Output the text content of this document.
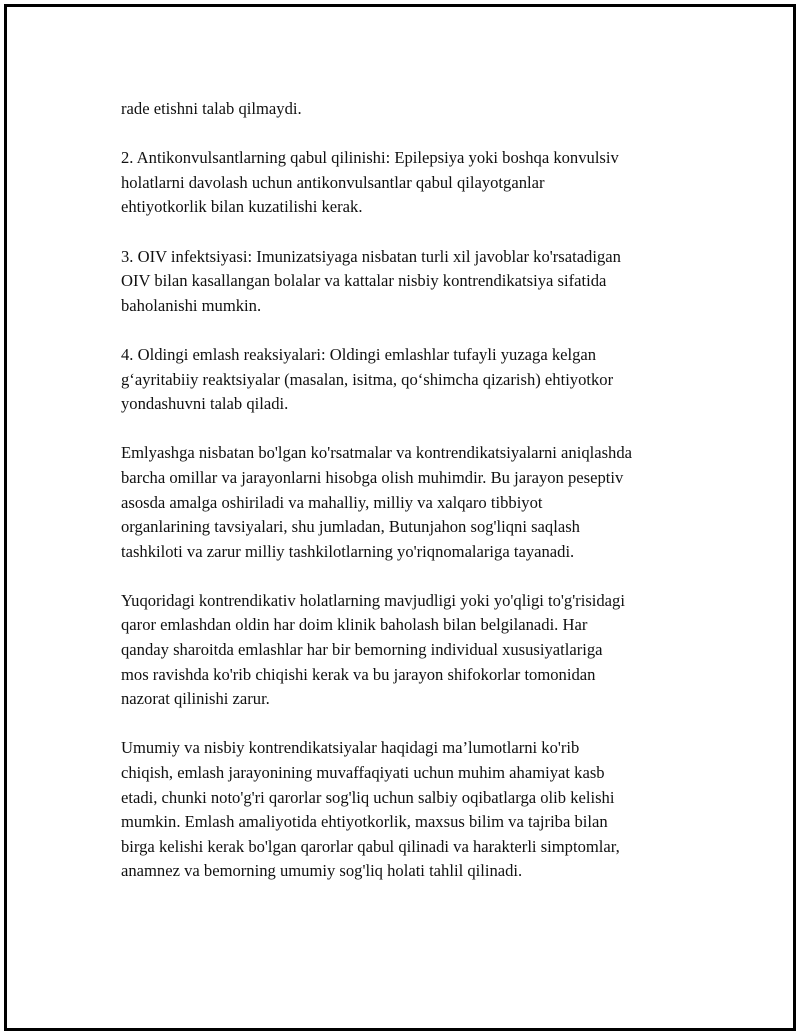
rade etishni talab qilmaydi.

2. Antikonvulsantlarning qabul qilinishi: Epilepsiya yoki boshqa konvulsiv
holatlarni davolash uchun antikonvulsantlar qabul qilayotganlar
ehtiyotkorlik bilan kuzatilishi kerak.

3. OIV infektsiyasi: Imunizatsiyaga nisbatan turli xil javoblar ko'rsatadigan
OIV bilan kasallangan bolalar va kattalar nisbiy kontrendikatsiya sifatida
baholanishi mumkin.

4. Oldingi emlash reaksiyalari: Oldingi emlashlar tufayli yuzaga kelgan
g‘ayritabiiy reaktsiyalar (masalan, isitma, qo‘shimcha qizarish) ehtiyotkor
yondashuvni talab qiladi.

Emlyashga nisbatan bo'lgan ko'rsatmalar va kontrendikatsiyalarni aniqlashda
barcha omillar va jarayonlarni hisobga olish muhimdir. Bu jarayon peseptiv
asosda amalga oshiriladi va mahalliy, milliy va xalqaro tibbiyot
organlarining tavsiyalari, shu jumladan, Butunjahon sog'liqni saqlash
tashkiloti va zarur milliy tashkilotlarning yo'riqnomalariga tayanadi.

Yuqoridagi kontrendikativ holatlarning mavjudligi yoki yo'qligi to'g'risidagi
qaror emlashdan oldin har doim klinik baholash bilan belgilanadi. Har
qanday sharoitda emlashlar har bir bemorning individual xususiyatlariga
mos ravishda ko'rib chiqishi kerak va bu jarayon shifokorlar tomonidan
nazorat qilinishi zarur.

Umumiy va nisbiy kontrendikatsiyalar haqidagi ma’lumotlarni ko'rib
chiqish, emlash jarayonining muvaffaqiyati uchun muhim ahamiyat kasb
etadi, chunki noto'g'ri qarorlar sog'liq uchun salbiy oqibatlarga olib kelishi
mumkin. Emlash amaliyotida ehtiyotkorlik, maxsus bilim va tajriba bilan
birga kelishi kerak bo'lgan qarorlar qabul qilinadi va harakterli simptomlar,
anamnez va bemorning umumiy sog'liq holati tahlil qilinadi.
